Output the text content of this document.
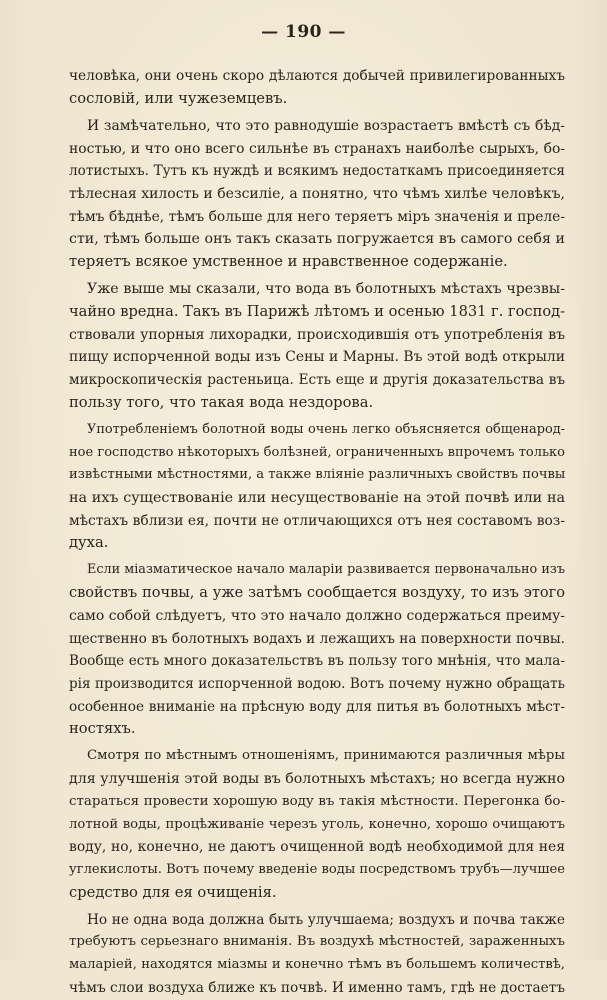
— 190 —
человѣка, они очень скоро дѣлаются добычей привилегированныхъ
сословій, или чужеземцевъ.
И замѣчательно, что это равнодушіе возрастаетъ вмѣстѣ съ бѣд-
ностью, и что оно всего сильнѣе въ странахъ наиболѣе сырыхъ, бо-
лотистыхъ. Тутъ къ нуждѣ и всякимъ недостаткамъ присоединяется
тѣлесная хилость и безсиліе, а понятно, что чѣмъ хилѣе человѣкъ,
тѣмъ бѣднѣе, тѣмъ больше для него теряетъ міръ значенія и преле-
сти, тѣмъ больше онъ такъ сказать погружается въ самого себя и
теряетъ всякое умственное и нравственное содержаніе.
Уже выше мы сказали, что вода въ болотныхъ мѣстахъ чрезвы-
чайно вредна. Такъ въ Парижѣ лѣтомъ и осенью 1831 г. господ-
ствовали упорныя лихорадки, происходившія отъ употребленія въ
пищу испорченной воды изъ Сены и Марны. Въ этой водѣ открыли
микроскопическія растеньица. Есть еще и другія доказательства въ
пользу того, что такая вода нездорова.
Употребленіемъ болотной воды очень легко объясняется общенарод-
ное господство нѣкоторыхъ болѣзней, ограниченныхъ впрочемъ только
извѣстными мѣстностями, а также вліяніе различныхъ свойствъ почвы
на ихъ существованіе или несуществованіе на этой почвѣ или на
мѣстахъ вблизи ея, почти не отличающихся отъ нея составомъ воз-
духа.
Если міазматическое начало маларіи развивается первоначально изъ
свойствъ почвы, а уже затѣмъ сообщается воздуху, то изъ этого
само собой слѣдуетъ, что это начало должно содержаться преиму-
щественно въ болотныхъ водахъ и лежащихъ на поверхности почвы.
Вообще есть много доказательствъ въ пользу того мнѣнія, что мала-
рія производится испорченной водою. Вотъ почему нужно обращать
особенное вниманіе на прѣсную воду для питья въ болотныхъ мѣст-
ностяхъ.
Смотря по мѣстнымъ отношеніямъ, принимаются различныя мѣры
для улучшенія этой воды въ болотныхъ мѣстахъ; но всегда нужно
стараться провести хорошую воду въ такія мѣстности. Перегонка бо-
лотной воды, процѣживаніе черезъ уголь, конечно, хорошо очищаютъ
воду, но, конечно, не даютъ очищенной водѣ необходимой для нея
углекислоты. Вотъ почему введеніе воды посредствомъ трубъ—лучшее
средство для ея очищенія.
Но не одна вода должна быть улучшаема; воздухъ и почва также
требуютъ серьезнаго вниманія. Въ воздухѣ мѣстностей, зараженныхъ
маларіей, находятся міазмы и конечно тѣмъ въ большемъ количествѣ,
чѣмъ слои воздуха ближе къ почвѣ. И именно тамъ, гдѣ не достаетъ
